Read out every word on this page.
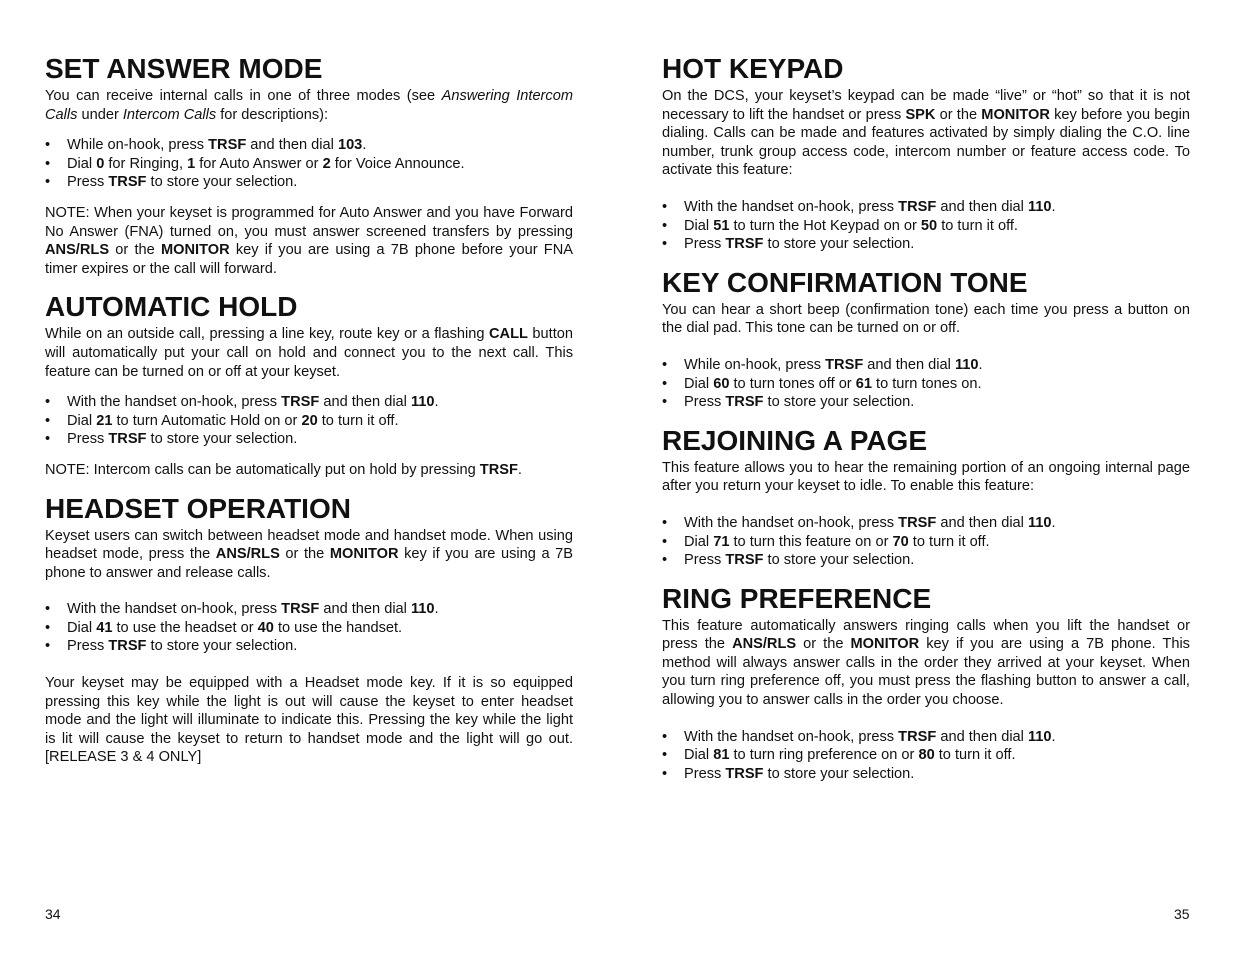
SET ANSWER MODE

You can receive internal calls in one of three modes (see Answering Intercom Calls under Intercom Calls for descriptions):

• While on-hook, press TRSF and then dial 103.
• Dial 0 for Ringing, 1 for Auto Answer or 2 for Voice Announce.
• Press TRSF to store your selection.

NOTE: When your keyset is programmed for Auto Answer and you have Forward No Answer (FNA) turned on, you must answer screened transfers by pressing ANS/RLS or the MONITOR key if you are using a 7B phone before your FNA timer expires or the call will forward.

AUTOMATIC HOLD

While on an outside call, pressing a line key, route key or a flashing CALL button will automatically put your call on hold and connect you to the next call. This feature can be turned on or off at your keyset.

• With the handset on-hook, press TRSF and then dial 110.
• Dial 21 to turn Automatic Hold on or 20 to turn it off.
• Press TRSF to store your selection.

NOTE: Intercom calls can be automatically put on hold by pressing TRSF.

HEADSET OPERATION

Keyset users can switch between headset mode and handset mode. When using headset mode, press the ANS/RLS or the MONITOR key if you are using a 7B phone to answer and release calls.

• With the handset on-hook, press TRSF and then dial 110.
• Dial 41 to use the headset or 40 to use the handset.
• Press TRSF to store your selection.

Your keyset may be equipped with a Headset mode key. If it is so equipped pressing this key while the light is out will cause the keyset to enter headset mode and the light will illuminate to indicate this. Pressing the key while the light is lit will cause the keyset to return to handset mode and the light will go out. [RELEASE 3 & 4 ONLY]

HOT KEYPAD

On the DCS, your keyset’s keypad can be made “live” or “hot” so that it is not necessary to lift the handset or press SPK or the MONITOR key before you begin dialing. Calls can be made and features activated by simply dialing the C.O. line number, trunk group access code, intercom number or feature access code. To activate this feature:

• With the handset on-hook, press TRSF and then dial 110.
• Dial 51 to turn the Hot Keypad on or 50 to turn it off.
• Press TRSF to store your selection.
KEY CONFIRMATION TONE

You can hear a short beep (confirmation tone) each time you press a button on the dial pad. This tone can be turned on or off.

• While on-hook, press TRSF and then dial 110.
• Dial 60 to turn tones off or 61 to turn tones on.
• Press TRSF to store your selection.
REJOINING A PAGE

This feature allows you to hear the remaining portion of an ongoing internal page after you return your keyset to idle. To enable this feature:

• With the handset on-hook, press TRSF and then dial 110.
• Dial 71 to turn this feature on or 70 to turn it off.
• Press TRSF to store your selection.
RING PREFERENCE

This feature automatically answers ringing calls when you lift the handset or press the ANS/RLS or the MONITOR key if you are using a 7B phone. This method will always answer calls in the order they arrived at your keyset. When you turn ring preference off, you must press the flashing button to answer a call, allowing you to answer calls in the order you choose.

• With the handset on-hook, press TRSF and then dial 110.
• Dial 81 to turn ring preference on or 80 to turn it off.
• Press TRSF to store your selection.
34	35
